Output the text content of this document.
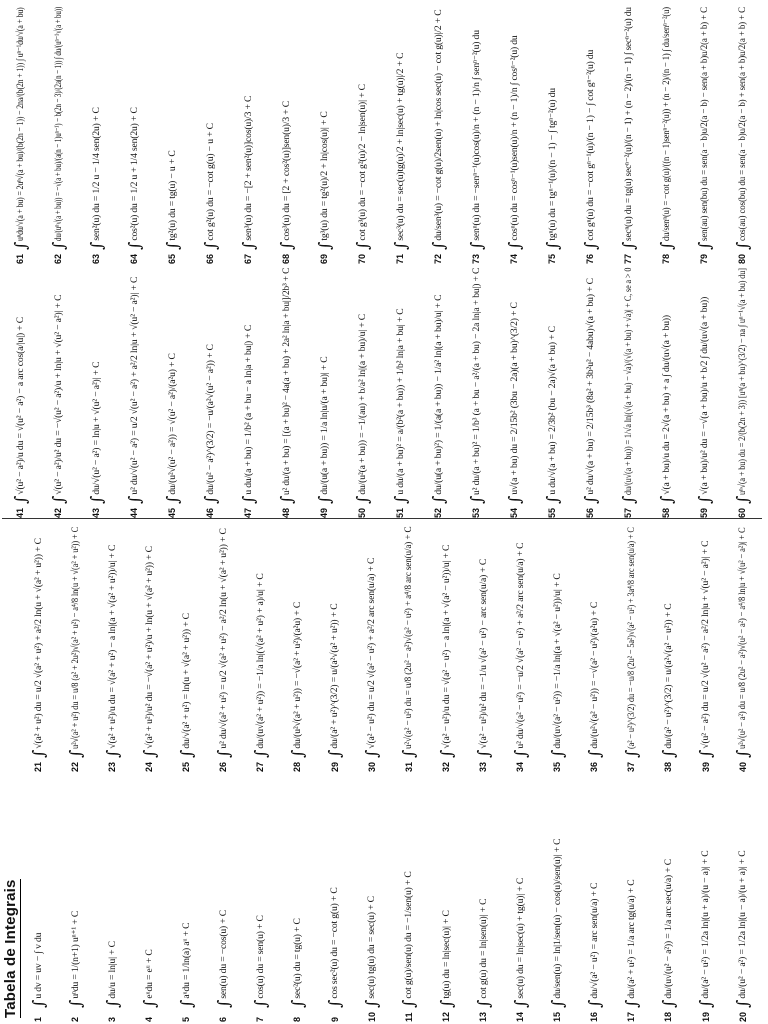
Tabela de Integrais
1
∫
u dv = uv − ∫ v du
2
∫
uⁿdu = 1/(n+1) uⁿ⁺¹ + C
3
∫
du/u = ln|u| + C
4
∫
eᵘdu = eᵘ + C
5
∫
aᵘdu = 1/ln(a) aᵘ + C
6
∫
sen(u) du = −cos(u) + C
7
∫
cos(u) du = sen(u) + C
8
∫
sec²(u) du = tg(u) + C
9
∫
cos sec²(u) du = −cot g(u) + C
10
∫
sec(u) tg(u) du = sec(u) + C
11
∫
cot g(u)/sen(u) du = −1/sen(u) + C
12
∫
tg(u) du = ln|sec(u)| + C
13
∫
cot g(u) du = ln|sen(u)| + C
14
∫
sec(u) du = ln|sec(u) + tg(u)| + C
15
∫
du/sen(u) = ln|1/sen(u) − cos(u)/sen(u)| + C
16
∫
du/√(a² − u²) = arc sen(u/a) + C
17
∫
du/(a² + u²) = 1/a arc tg(u/a) + C
18
∫
du/(u√(u² − a²)) = 1/a arc sec(u/a) + C
19
∫
du/(a² − u²) = 1/2a ln|(u + a)/(u − a)| + C
20
∫
du/(u² − a²) = 1/2a ln|(u − a)/(u + a)| + C
21
∫
√(a² + u²) du = u/2 √(a² + u²) + a²/2 ln(u + √(a² + u²)) + C
22
∫
u²√(a² + u²) du = u/8 (a² + 2u²)√(a² + u²) − a⁴/8 ln(u + √(a² + u²)) + C
23
∫
√(a² + u²)/u du = √(a² + u²) − a ln|(a + √(a² + u²))/u| + C
24
∫
√(a² + u²)/u² du = −√(a² + u²)/u + ln(u + √(a² + u²)) + C
25
∫
du/√(a² + u²) = ln(u + √(a² + u²)) + C
26
∫
u² du/√(a² + u²) = u/2 √(a² + u²) − a²/2 ln(u + √(a² + u²)) + C
27
∫
du/(u√(a² + u²)) = −1/a ln|(√(a² + u²) + a)/u| + C
28
∫
du/(u²√(a² + u²)) = −√(a² + u²)/(a²u) + C
29
∫
du/(a² + u²)^(3/2) = u/(a²√(a² + u²)) + C
30
∫
√(a² − u²) du = u/2 √(a² − u²) + a²/2 arc sen(u/a) + C
31
∫
u²√(a² − u²) du = u/8 (2u² − a²)√(a² − u²) + a⁴/8 arc sen(u/a) + C
32
∫
√(a² − u²)/u du = √(a² − u²) − a ln|(a + √(a² − u²))/u| + C
33
∫
√(a² − u²)/u² du = −1/u √(a² − u²) − arc sen(u/a) + C
34
∫
u² du/√(a² − u²) = −u/2 √(a² − u²) + a²/2 arc sen(u/a) + C
35
∫
du/(u√(a² − u²)) = −1/a ln|(a + √(a² − u²))/u| + C
36
∫
du/(u²√(a² − u²)) = −√(a² − u²)/(a²u) + C
37
∫
(a² − u²)^(3/2) du = −u/8 (2u² − 5a²)√(a² − u²) + 3a⁴/8 arc sen(u/a) + C
38
∫
du/(a² − u²)^(3/2) = u/(a²√(a² − u²)) + C
39
∫
√(u² − a²) du = u/2 √(u² − a²) − a²/2 ln|u + √(u² − a²)| + C
40
∫
u²√(u² − a²) du = u/8 (2u² − a²)√(u² − a²) − a⁴/8 ln|u + √(u² − a²)| + C
41
∫
√(u² − a²)/u du = √(u² − a²) − a arc cos(a/|u|) + C
42
∫
√(u² − a²)/u² du = −√(u² − a²)/u + ln|u + √(u² − a²)| + C
43
∫
du/√(u² − a²) = ln|u + √(u² − a²)| + C
44
∫
u² du/√(u² − a²) = u/2 √(u² − a²) + a²/2 ln|u + √(u² − a²)| + C
45
∫
du/(u²√(u² − a²)) = √(u² − a²)/(a²u) + C
46
∫
du/(u² − a²)^(3/2) = −u/(a²√(u² − a²)) + C
47
∫
u du/(a + bu) = 1/b² (a + bu − a ln|a + bu|) + C
48
∫
u² du/(a + bu) = [(a + bu)² − 4a(a + bu) + 2a² ln|a + bu|]/2b³ + C
49
∫
du/(u(a + bu)) = 1/a ln|u/(a + bu)| + C
50
∫
du/(u²(a + bu)) = −1/(au) + b/a² ln|(a + bu)/u| + C
51
∫
u du/(a + bu)² = a/(b²(a + bu)) + 1/b² ln|a + bu| + C
52
∫
du/(u(a + bu)²) = 1/(a(a + bu)) − 1/a² ln|(a + bu)/u| + C
53
∫
u² du/(a + bu)² = 1/b³ (a + bu − a²/(a + bu) − 2a ln|a + bu|) + C
54
∫
u√(a + bu) du = 2/15b² (3bu − 2a)(a + bu)^(3/2) + C
55
∫
u du/√(a + bu) = 2/3b² (bu − 2a)√(a + bu) + C
56
∫
u² du/√(a + bu) = 2/15b³ (8a² + 3b²u² − 4abu)√(a + bu) + C
57
∫
du/(u√(a + bu)) = 1/√a ln|(√(a + bu) − √a)/(√(a + bu) + √a)| + C, se a > 0
58
∫
√(a + bu)/u du = 2√(a + bu) + a ∫ du/(u√(a + bu))
59
∫
√(a + bu)/u² du = −√(a + bu)/u + b/2 ∫ du/(u√(a + bu))
60
∫
uⁿ√(a + bu) du = 2/(b(2n + 3)) [uⁿ(a + bu)^(3/2) − na ∫ uⁿ⁻¹√(a + bu) du]
61
∫
uⁿdu/√(a + bu) = 2uⁿ√(a + bu)/(b(2n − 1)) − 2na/(b(2n + 1)) ∫ uⁿ⁻¹du/√(a + bu)
62
∫
du/(uⁿ√(a + bu)) = −√(a + bu)/(a(n − 1)uⁿ⁻¹) − b(2n − 3)/(2a(n − 1)) ∫ du/(uⁿ⁻¹√(a + bu))
63
∫
sen²(u) du = 1/2 u − 1/4 sen(2u) + C
64
∫
cos²(u) du = 1/2 u + 1/4 sen(2u) + C
65
∫
tg²(u) du = tg(u) − u + C
66
∫
cot g²(u) du = −cot g(u) − u + C
67
∫
sen³(u) du = −[2 + sen²(u)]cos(u)/3 + C
68
∫
cos³(u) du = [2 + cos²(u)]sen(u)/3 + C
69
∫
tg³(u) du = tg²(u)/2 + ln|cos(u)| + C
70
∫
cot g³(u) du = −cot g²(u)/2 − ln|sen(u)| + C
71
∫
sec³(u) du = sec(u)tg(u)/2 + ln|sec(u) + tg(u)|/2 + C
72
∫
du/sen³(u) = −cot g(u)/2sen(u) + ln|cos sec(u) − cot g(u)|/2 + C
73
∫
senⁿ(u) du = −senⁿ⁻¹(u)cos(u)/n + (n − 1)/n ∫ senⁿ⁻²(u) du
74
∫
cosⁿ(u) du = cosⁿ⁻¹(u)sen(u)/n + (n − 1)/n ∫ cosⁿ⁻²(u) du
75
∫
tgⁿ(u) du = tgⁿ⁻¹(u)/(n − 1) − ∫ tgⁿ⁻²(u) du
76
∫
cot gⁿ(u) du = −cot gⁿ⁻¹(u)/(n − 1) − ∫ cot gⁿ⁻²(u) du
77
∫
secⁿ(u) du = tg(u) secⁿ⁻²(u)/(n − 1) + (n − 2)/(n − 1) ∫ secⁿ⁻²(u) du
78
∫
du/senⁿ(u) = −cot g(u)/((n − 1)senⁿ⁻²(u)) + (n − 2)/(n − 1) ∫ du/senⁿ⁻²(u)
79
∫
sen(au) sen(bu) du = sen(a − b)u/2(a − b) − sen(a + b)u/2(a + b) + C
80
∫
cos(au) cos(bu) du = sen(a − b)u/2(a − b) + sen(a + b)u/2(a + b) + C
